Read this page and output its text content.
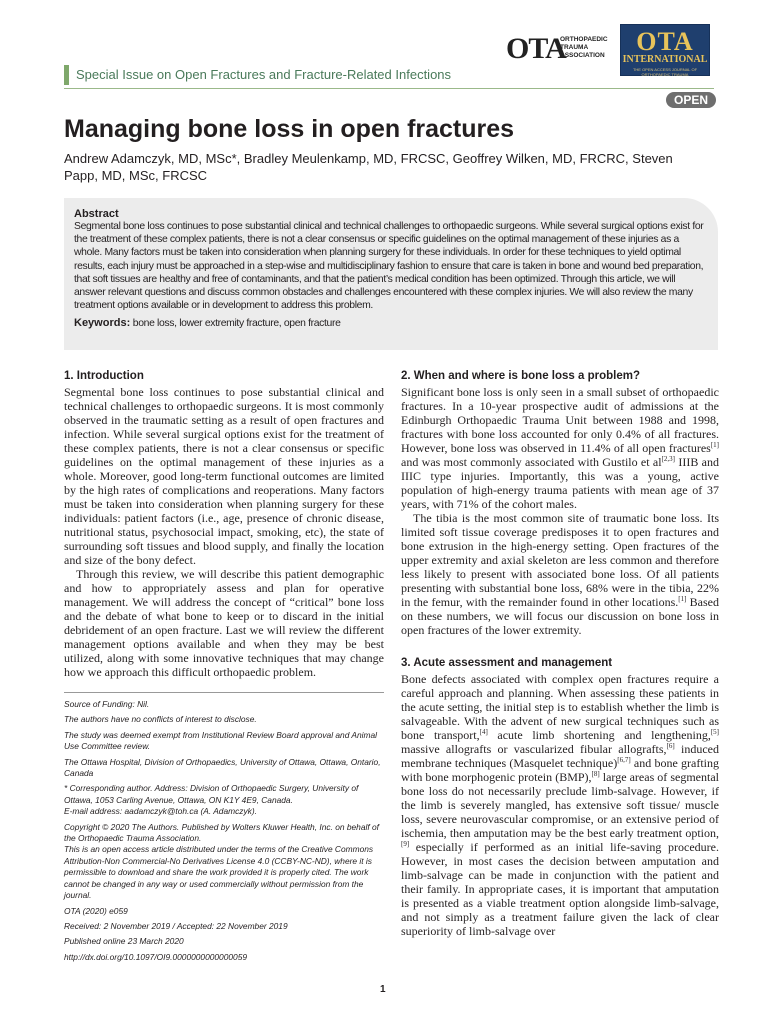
OTA
ORTHOPAEDIC
TRAUMA
ASSOCIATION	OTA
INTERNATIONAL
THE OPEN ACCESS JOURNAL OF ORTHOPAEDIC TRAUMA
Special Issue on Open Fractures and Fracture-Related Infections
OPEN
Managing bone loss in open fractures
Andrew Adamczyk, MD, MSc*, Bradley Meulenkamp, MD, FRCSC, Geoffrey Wilken, MD, FRCRC, Steven Papp, MD, MSc, FRCSC
Abstract
Segmental bone loss continues to pose substantial clinical and technical challenges to orthopaedic surgeons. While several surgical options exist for the treatment of these complex patients, there is not a clear consensus or specific guidelines on the optimal management of these injuries as a whole. Many factors must be taken into consideration when planning surgery for these individuals. In order for these techniques to yield optimal results, each injury must be approached in a step-wise and multidisciplinary fashion to ensure that care is taken in bone and wound bed preparation, that soft tissues are healthy and free of contaminants, and that the patient’s medical condition has been optimized. Through this article, we will answer relevant questions and discuss common obstacles and challenges encountered with these complex injuries. We will also review the many treatment options available or in development to address this problem.
Keywords: bone loss, lower extremity fracture, open fracture
1. Introduction

Segmental bone loss continues to pose substantial clinical and technical challenges to orthopaedic surgeons. It is most commonly observed in the traumatic setting as a result of open fractures and infection. While several surgical options exist for the treatment of these complex patients, there is not a clear consensus or specific guidelines on the optimal management of these injuries as a whole. Moreover, good long-term functional outcomes are limited by the high rates of complications and reoperations. Many factors must be taken into consideration when planning surgery for these individuals: patient factors (i.e., age, presence of chronic disease, nutritional status, psychosocial impact, smoking, etc), the state of surrounding soft tissues and blood supply, and finally the location and size of the bony defect.

Through this review, we will describe this patient demographic and how to appropriately assess and plan for operative management. We will address the concept of “critical” bone loss and the debate of what bone to keep or to discard in the initial debridement of an open fracture. Last we will review the different management options available and when they may be best utilized, along with some innovative techniques that may change how we approach this difficult orthopaedic problem.

Source of Funding: Nil.

The authors have no conflicts of interest to disclose.

The study was deemed exempt from Institutional Review Board approval and Animal Use Committee review.

The Ottawa Hospital, Division of Orthopaedics, University of Ottawa, Ottawa, Ontario, Canada

* Corresponding author. Address: Division of Orthopaedic Surgery, University of Ottawa, 1053 Carling Avenue, Ottawa, ON K1Y 4E9, Canada.

E-mail address: aadamczyk@toh.ca (A. Adamczyk).

Copyright © 2020 The Authors. Published by Wolters Kluwer Health, Inc. on behalf of the Orthopaedic Trauma Association.

This is an open access article distributed under the terms of the Creative Commons Attribution-Non Commercial-No Derivatives License 4.0 (CCBY-NC-ND), where it is permissible to download and share the work provided it is properly cited. The work cannot be changed in any way or used commercially without permission from the journal.

OTA (2020) e059

Received: 2 November 2019 / Accepted: 22 November 2019

Published online 23 March 2020

http://dx.doi.org/10.1097/OI9.0000000000000059

2. When and where is bone loss a problem?

Significant bone loss is only seen in a small subset of orthopaedic fractures. In a 10-year prospective audit of admissions at the Edinburgh Orthopaedic Trauma Unit between 1988 and 1998, fractures with bone loss accounted for only 0.4% of all fractures. However, bone loss was observed in 11.4% of all open fractures[1] and was most commonly associated with Gustilo et al[2,3] IIIB and IIIC type injuries. Importantly, this was a young, active population of high-energy trauma patients with mean age of 37 years, with 71% of the cohort males.

The tibia is the most common site of traumatic bone loss. Its limited soft tissue coverage predisposes it to open fractures and bone extrusion in the high-energy setting. Open fractures of the upper extremity and axial skeleton are less common and therefore less likely to present with associated bone loss. Of all patients presenting with substantial bone loss, 68% were in the tibia, 22% in the femur, with the remainder found in other locations.[1] Based on these numbers, we will focus our discussion on bone loss in open fractures of the lower extremity.

3. Acute assessment and management

Bone defects associated with complex open fractures require a careful approach and planning. When assessing these patients in the acute setting, the initial step is to establish whether the limb is salvageable. With the advent of new surgical techniques such as bone transport,[4] acute limb shortening and lengthening,[5] massive allografts or vascularized fibular allografts,[6] induced membrane techniques (Masquelet technique)[6,7] and bone grafting with bone morphogenic protein (BMP),[8] large areas of segmental bone loss do not necessarily preclude limb-salvage. However, if the limb is severely mangled, has extensive soft tissue/ muscle loss, severe neurovascular compromise, or an extensive period of ischemia, then amputation may be the best early treatment option,[9] especially if performed as an initial life-saving procedure. However, in most cases the decision between amputation and limb-salvage can be made in conjunction with the patient and their family. In appropriate cases, it is important that amputation is presented as a viable treatment option alongside limb-salvage, and not simply as a treatment failure given the lack of clear superiority of limb-salvage over

1
